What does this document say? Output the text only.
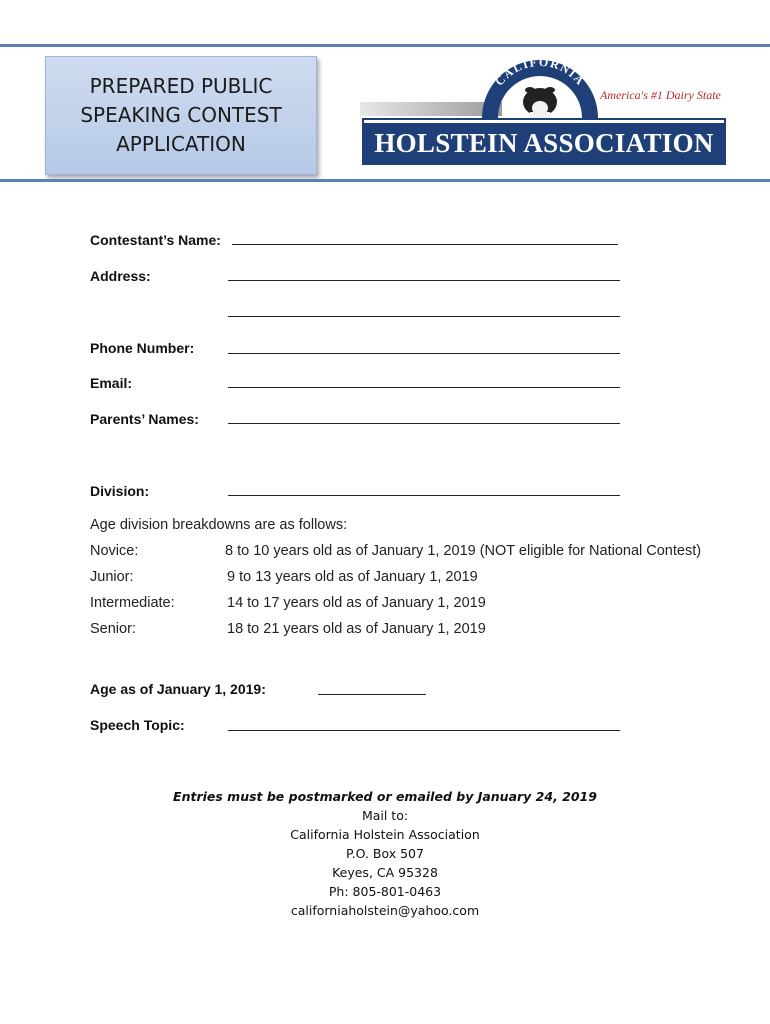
PREPARED PUBLIC
SPEAKING CONTEST
APPLICATION
CALIFORNIA
America's #1 Dairy State
HOLSTEIN ASSOCIATION
Contestant’s Name:
Address:
Phone Number:
Email:
Parents’ Names:
Division:
Age division breakdowns are as follows:
Novice:	8 to 10 years old as of January 1, 2019 (NOT eligible for National Contest)
Junior:	9 to 13 years old as of January 1, 2019
Intermediate:	14 to 17 years old as of January 1, 2019
Senior:	18 to 21 years old as of January 1, 2019
Age as of January 1, 2019:
Speech Topic:
Entries must be postmarked or emailed by January 24, 2019
Mail to:
California Holstein Association
P.O. Box 507
Keyes, CA 95328
Ph: 805-801-0463
californiaholstein@yahoo.com
